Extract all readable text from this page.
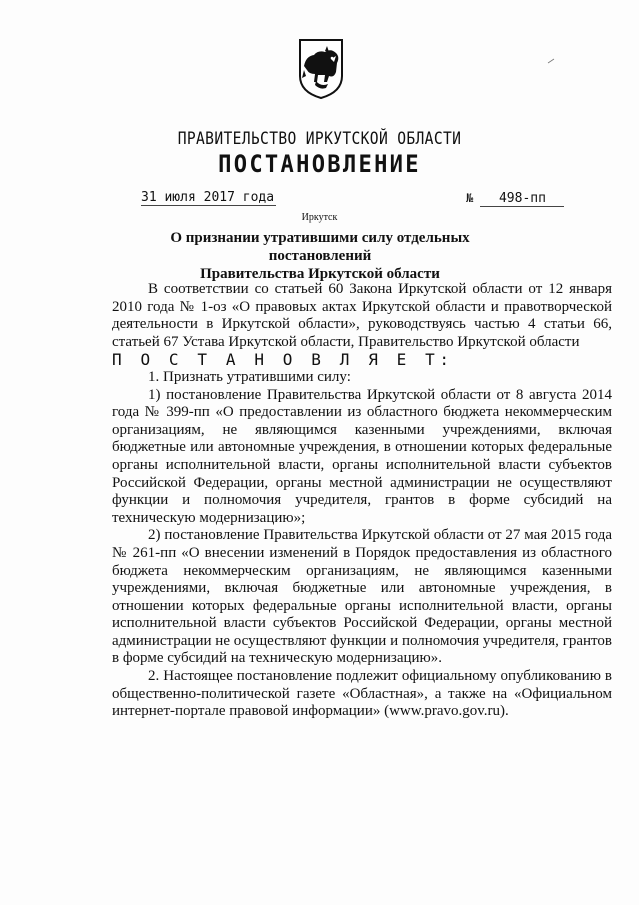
ПРАВИТЕЛЬСТВО ИРКУТСКОЙ ОБЛАСТИ
ПОСТАНОВЛЕНИЕ
31 июля 2017 года	№ 498-пп
Иркутск
О признании утратившими силу отдельных постановлений
Правительства Иркутской области

В соответствии со статьей 60 Закона Иркутской области от 12 января 2010 года № 1-оз «О правовых актах Иркутской области и правотворческой деятельности в Иркутской области», руководствуясь частью 4 статьи 66, статьей 67 Устава Иркутской области, Правительство Иркутской области

П О С Т А Н О В Л Я Е Т:

1. Признать утратившими силу:

1) постановление Правительства Иркутской области от 8 августа 2014 года № 399-пп «О предоставлении из областного бюджета некоммерческим организациям, не являющимся казенными учреждениями, включая бюджетные или автономные учреждения, в отношении которых федеральные органы исполнительной власти, органы исполнительной власти субъектов Российской Федерации, органы местной администрации не осуществляют функции и полномочия учредителя, грантов в форме субсидий на техническую модернизацию»;

2) постановление Правительства Иркутской области от 27 мая 2015 года № 261-пп «О внесении изменений в Порядок предоставления из областного бюджета некоммерческим организациям, не являющимся казенными учреждениями, включая бюджетные или автономные учреждения, в отношении которых федеральные органы исполнительной власти, органы исполнительной власти субъектов Российской Федерации, органы местной администрации не осуществляют функции и полномочия учредителя, грантов в форме субсидий на техническую модернизацию».

2. Настоящее постановление подлежит официальному опубликованию в общественно-политической газете «Областная», а также на «Официальном интернет-портале правовой информации» (www.pravo.gov.ru).
